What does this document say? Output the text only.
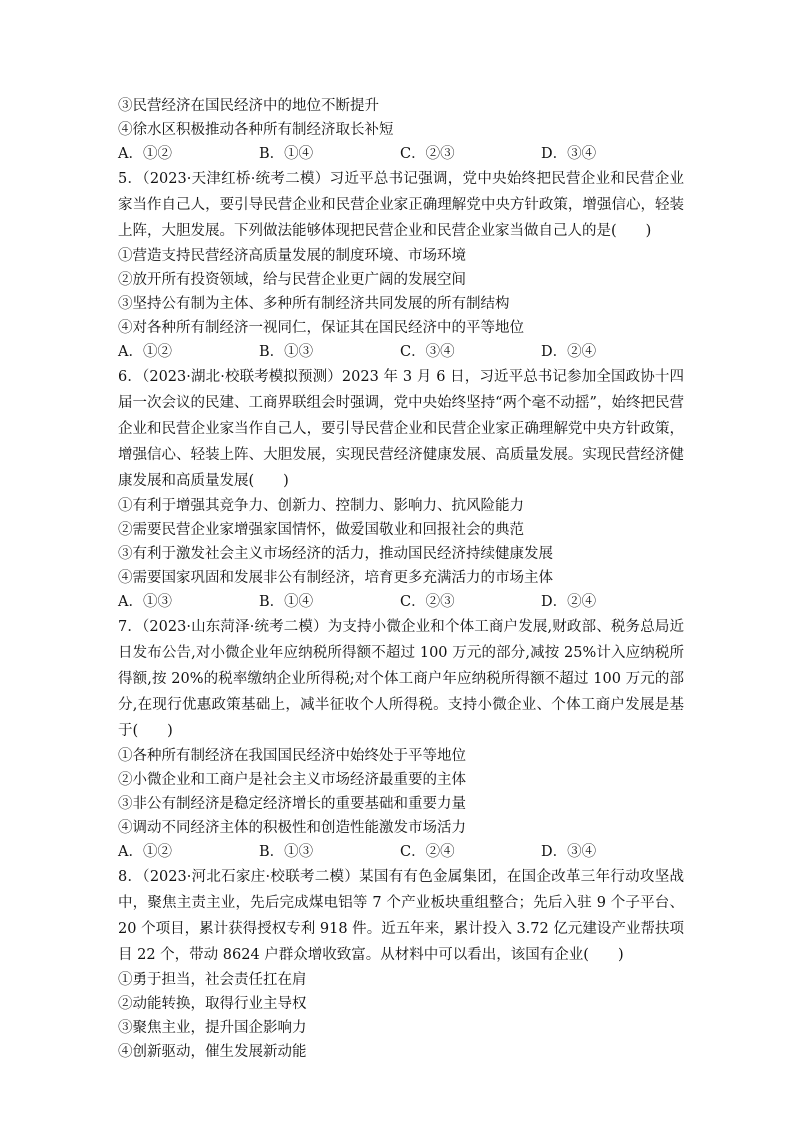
③民营经济在国民经济中的地位不断提升
④徐水区积极推动各种所有制经济取长补短
A．①②	B．①④	C．②③	D．③④
5．（2023·天津红桥·统考二模）习近平总书记强调，党中央始终把民营企业和民营企业家当作自己人，要引导民营企业和民营企业家正确理解党中央方针政策，增强信心，轻装上阵，大胆发展。下列做法能够体现把民营企业和民营企业家当做自己人的是(　　)
①营造支持民营经济高质量发展的制度环境、市场环境
②放开所有投资领域，给与民营企业更广阔的发展空间
③坚持公有制为主体、多种所有制经济共同发展的所有制结构
④对各种所有制经济一视同仁，保证其在国民经济中的平等地位
A．①②	B．①③	C．③④	D．②④
6．（2023·湖北·校联考模拟预测）2023 年 3 月 6 日，习近平总书记参加全国政协十四届一次会议的民建、工商界联组会时强调，党中央始终坚持“两个毫不动摇”，始终把民营企业和民营企业家当作自己人，要引导民营企业和民营企业家正确理解党中央方针政策，增强信心、轻装上阵、大胆发展，实现民营经济健康发展、高质量发展。实现民营经济健康发展和高质量发展(　　)
①有利于增强其竞争力、创新力、控制力、影响力、抗风险能力
②需要民营企业家增强家国情怀，做爱国敬业和回报社会的典范
③有利于激发社会主义市场经济的活力，推动国民经济持续健康发展
④需要国家巩固和发展非公有制经济，培育更多充满活力的市场主体
A．①③	B．①④	C．②③	D．②④
7．（2023·山东菏泽·统考二模）为支持小微企业和个体工商户发展,财政部、税务总局近日发布公告,对小微企业年应纳税所得额不超过 100 万元的部分,减按 25%计入应纳税所得额,按 20%的税率缴纳企业所得税;对个体工商户年应纳税所得额不超过 100 万元的部分,在现行优惠政策基础上，减半征收个人所得税。支持小微企业、个体工商户发展是基于(　　)
①各种所有制经济在我国国民经济中始终处于平等地位
②小微企业和工商户是社会主义市场经济最重要的主体
③非公有制经济是稳定经济增长的重要基础和重要力量
④调动不同经济主体的积极性和创造性能激发市场活力
A．①②	B．①③	C．②④	D．③④
8．（2023·河北石家庄·校联考二模）某国有有色金属集团，在国企改革三年行动攻坚战中，聚焦主责主业，先后完成煤电铝等 7 个产业板块重组整合；先后入驻 9 个子平台、20 个项目，累计获得授权专利 918 件。近五年来，累计投入 3.72 亿元建设产业帮扶项目 22 个，带动 8624 户群众增收致富。从材料中可以看出，该国有企业(　　)
①勇于担当，社会责任扛在肩
②动能转换，取得行业主导权
③聚焦主业，提升国企影响力
④创新驱动，催生发展新动能
